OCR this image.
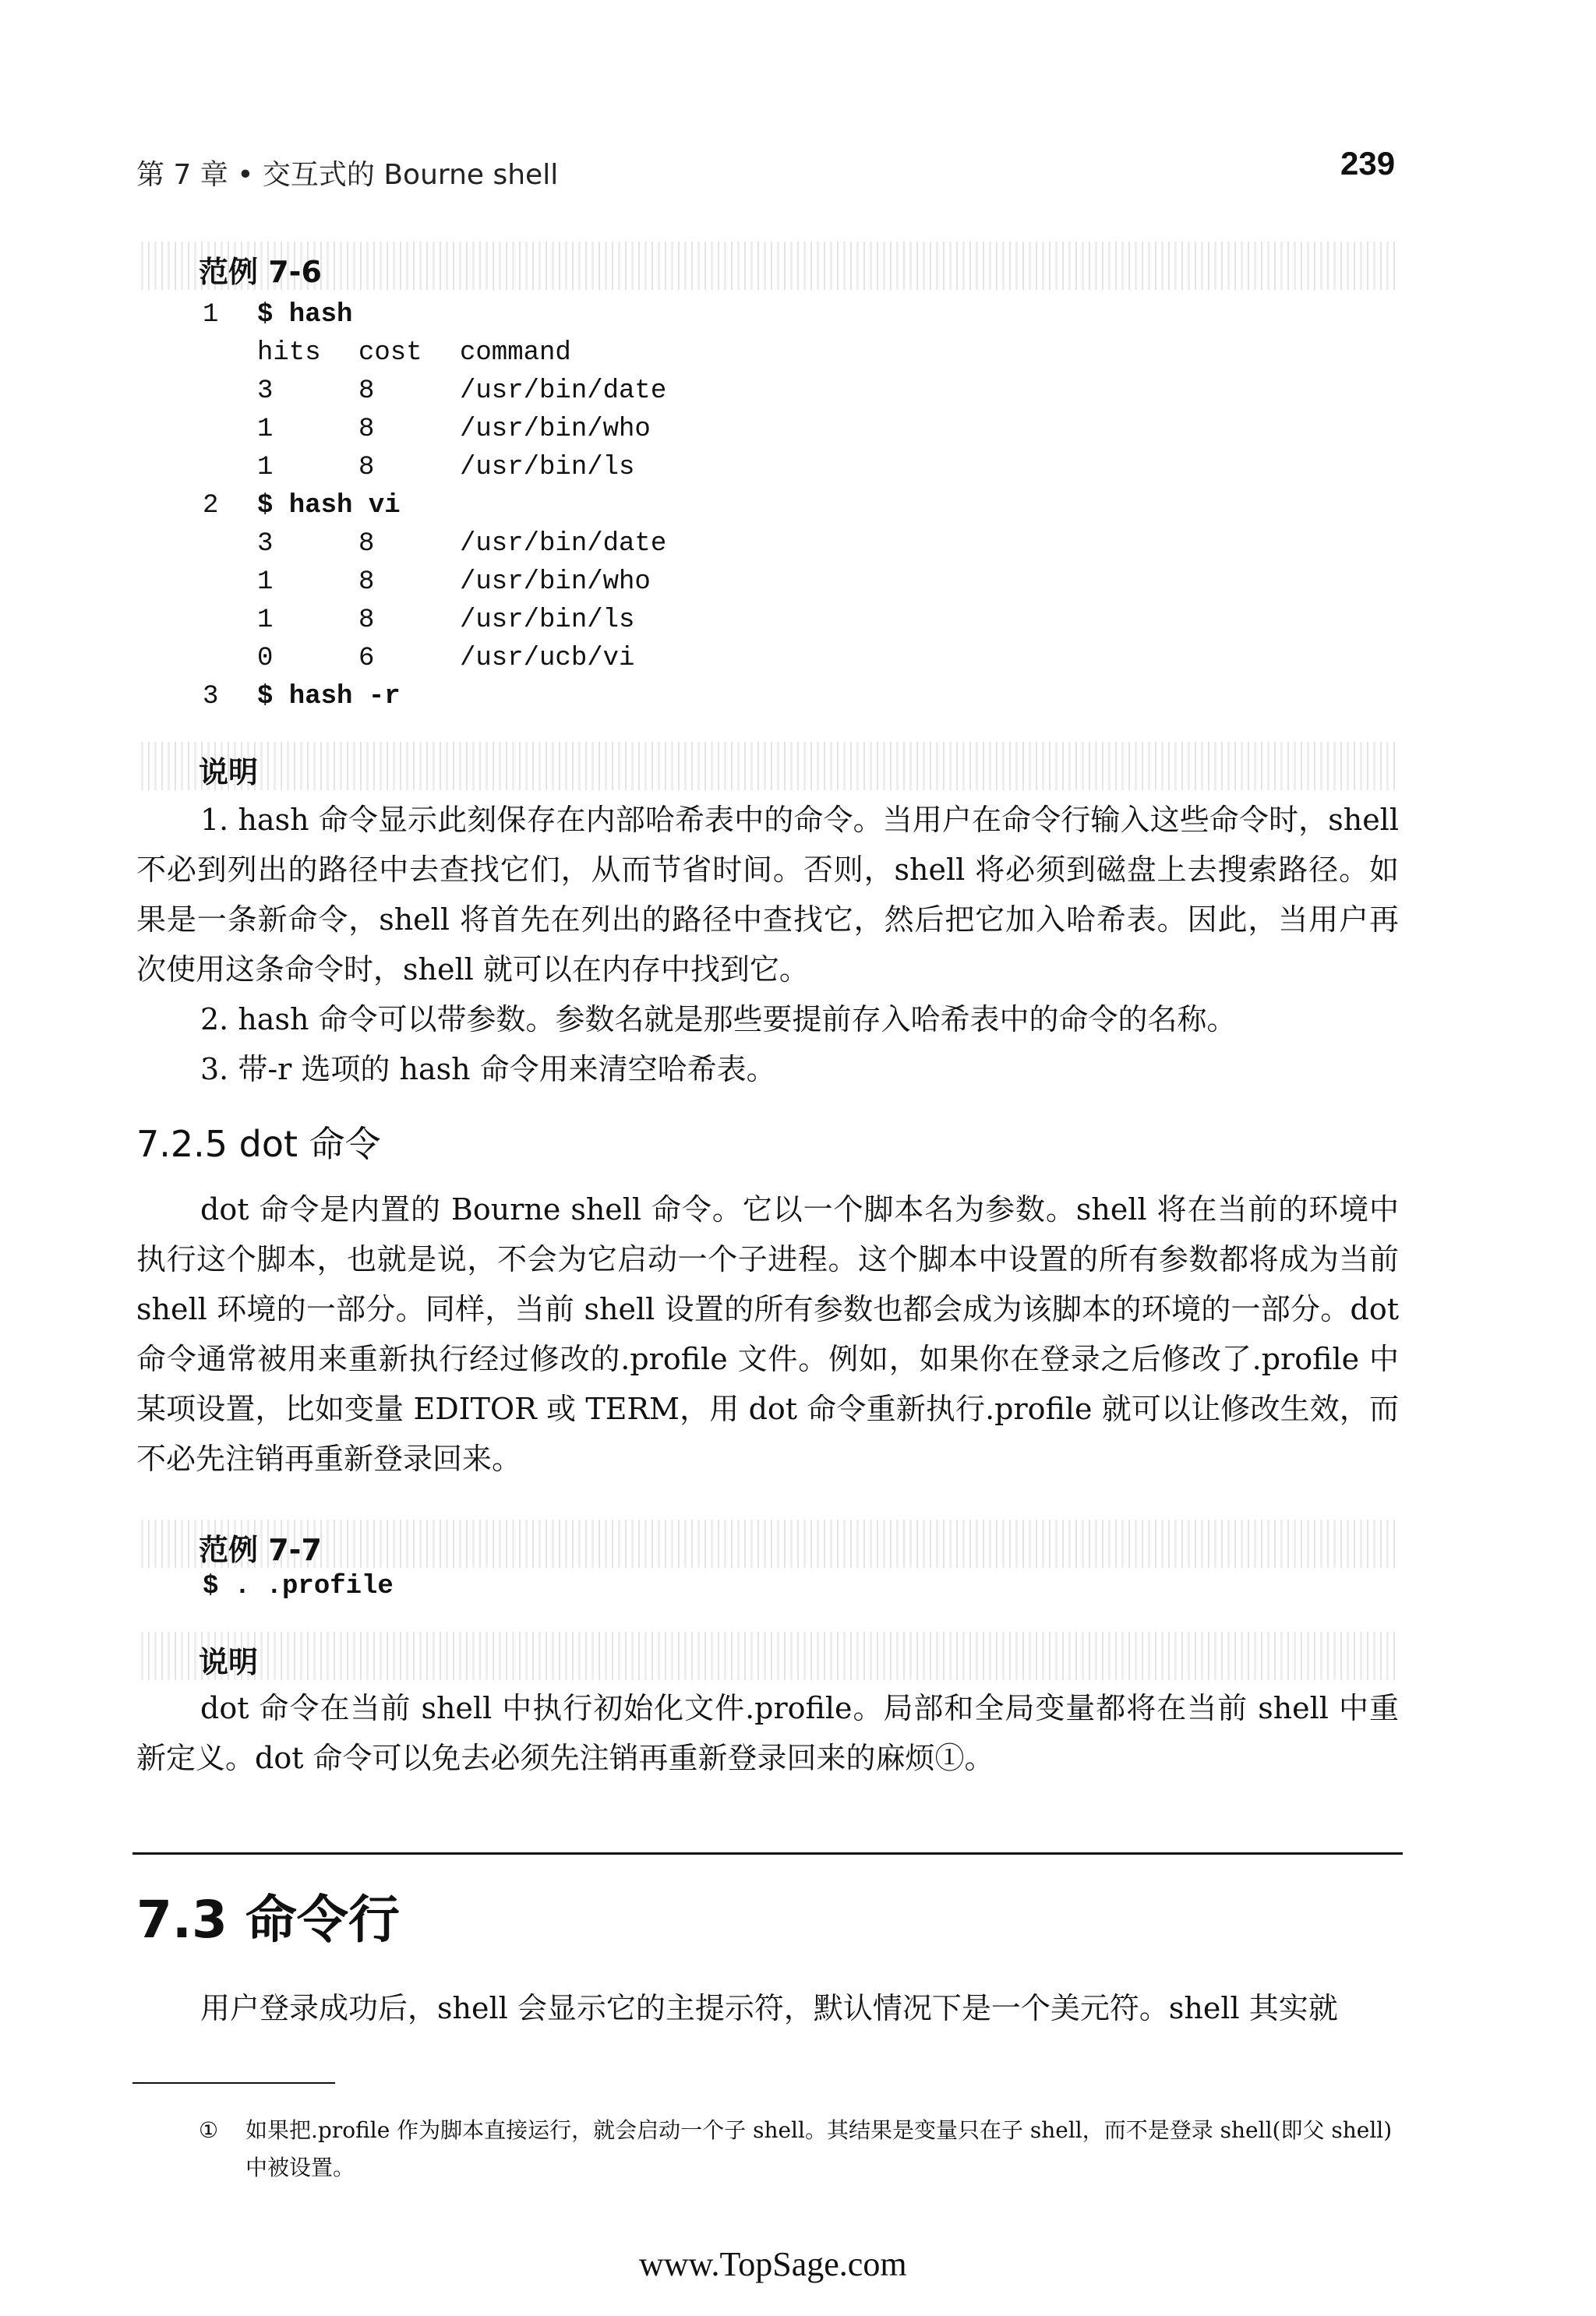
第 7 章 • 交互式的 Bourne shell	239
范例 7-6
1	$ hash
hits	cost	command
3	8	/usr/bin/date
1	8	/usr/bin/who
1	8	/usr/bin/ls
2	$ hash vi
3	8	/usr/bin/date
1	8	/usr/bin/who
1	8	/usr/bin/ls
0	6	/usr/ucb/vi
3	$ hash -r
说明
1. hash 命令显示此刻保存在内部哈希表中的命令。当用户在命令行输入这些命令时，shell 不必到列出的路径中去查找它们，从而节省时间。否则，shell 将必须到磁盘上去搜索路径。如果是一条新命令，shell 将首先在列出的路径中查找它，然后把它加入哈希表。因此，当用户再次使用这条命令时，shell 就可以在内存中找到它。
2. hash 命令可以带参数。参数名就是那些要提前存入哈希表中的命令的名称。
3. 带-r 选项的 hash 命令用来清空哈希表。
7.2.5 dot 命令
dot 命令是内置的 Bourne shell 命令。它以一个脚本名为参数。shell 将在当前的环境中执行这个脚本，也就是说，不会为它启动一个子进程。这个脚本中设置的所有参数都将成为当前 shell 环境的一部分。同样，当前 shell 设置的所有参数也都会成为该脚本的环境的一部分。dot 命令通常被用来重新执行经过修改的.profile 文件。例如，如果你在登录之后修改了.profile 中某项设置，比如变量 EDITOR 或 TERM，用 dot 命令重新执行.profile 就可以让修改生效，而不必先注销再重新登录回来。
范例 7-7
$ . .profile
说明
dot 命令在当前 shell 中执行初始化文件.profile。局部和全局变量都将在当前 shell 中重新定义。dot 命令可以免去必须先注销再重新登录回来的麻烦①。
7.3 命令行
用户登录成功后，shell 会显示它的主提示符，默认情况下是一个美元符。shell 其实就
①	如果把.profile 作为脚本直接运行，就会启动一个子 shell。其结果是变量只在子 shell，而不是登录 shell(即父 shell)中被设置。
www.TopSage.com
